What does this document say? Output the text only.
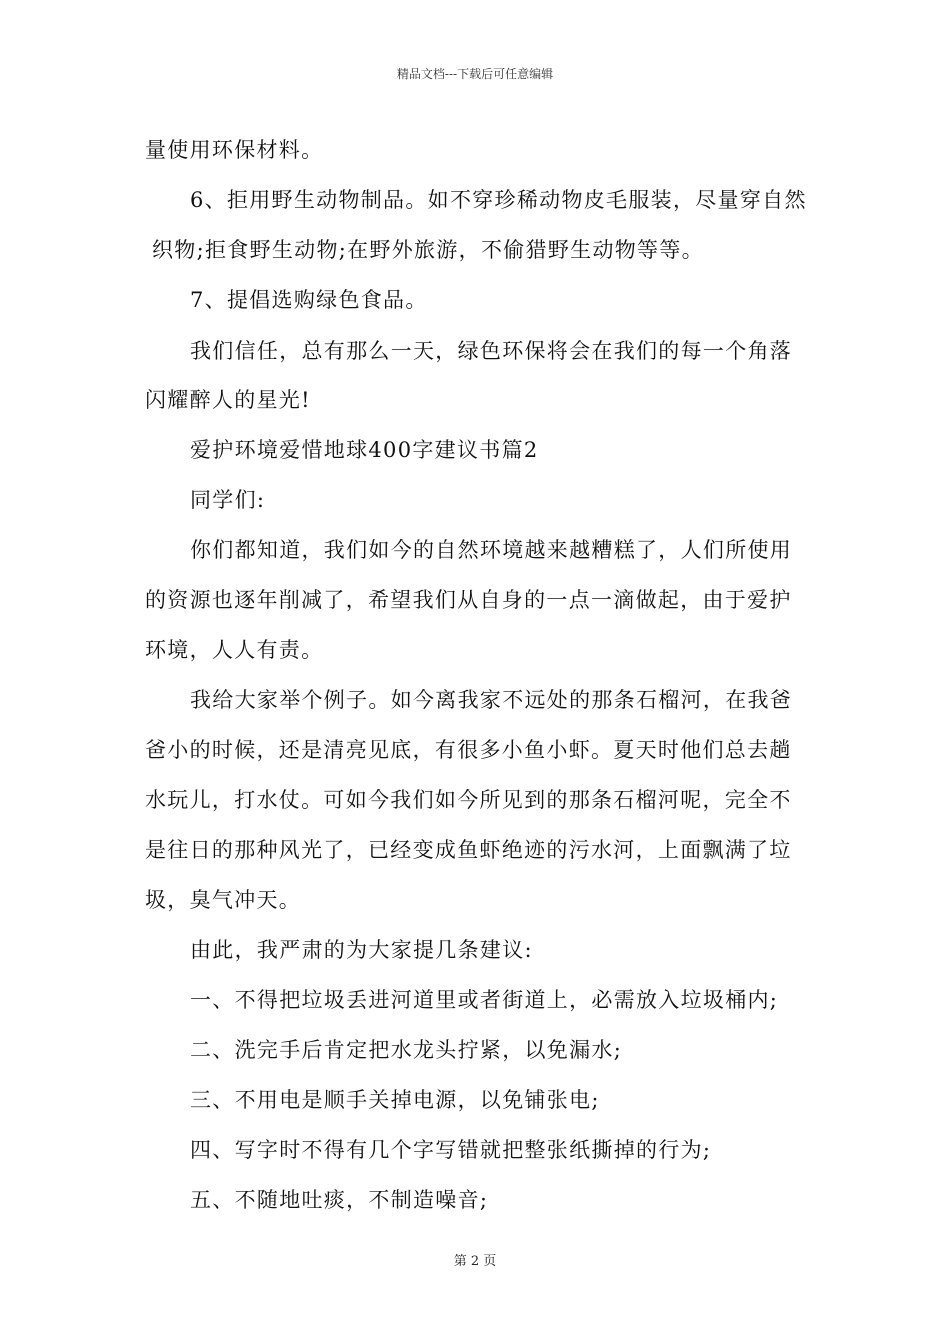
精品文档---下载后可任意编辑
量使用环保材料。
6、拒用野生动物制品。如不穿珍稀动物皮毛服装，尽量穿自然
织物;拒食野生动物;在野外旅游，不偷猎野生动物等等。
7、提倡选购绿色食品。
我们信任，总有那么一天，绿色环保将会在我们的每一个角落
闪耀醉人的星光!
爱护环境爱惜地球400字建议书篇2
同学们:
你们都知道，我们如今的自然环境越来越糟糕了，人们所使用
的资源也逐年削减了，希望我们从自身的一点一滴做起，由于爱护
环境，人人有责。
我给大家举个例子。如今离我家不远处的那条石榴河，在我爸
爸小的时候，还是清亮见底，有很多小鱼小虾。夏天时他们总去趟
水玩儿，打水仗。可如今我们如今所见到的那条石榴河呢，完全不
是往日的那种风光了，已经变成鱼虾绝迹的污水河，上面飘满了垃
圾，臭气冲天。
由此，我严肃的为大家提几条建议:
一、不得把垃圾丢进河道里或者街道上，必需放入垃圾桶内;
二、洗完手后肯定把水龙头拧紧，以免漏水;
三、不用电是顺手关掉电源，以免铺张电;
四、写字时不得有几个字写错就把整张纸撕掉的行为;
五、不随地吐痰，不制造噪音;
第 2 页
